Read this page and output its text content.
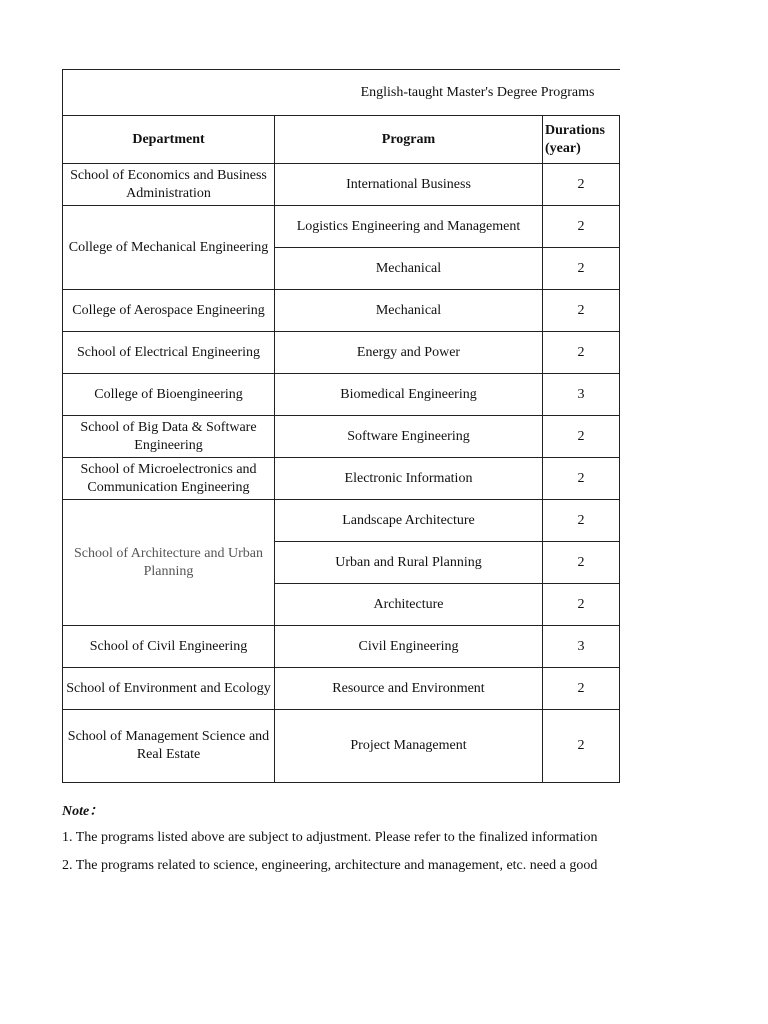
English-taught Master's Degree Programs			
Department	Program	Durations (year)	
School of Economics and Business Administration	International Business	2	
College of Mechanical Engineering	Logistics Engineering and Management	2	
	Mechanical	2	
College of Aerospace Engineering	Mechanical	2	
School of Electrical Engineering	Energy and Power	2	
College of Bioengineering	Biomedical Engineering	3	
School of Big Data & Software Engineering	Software Engineering	2	
School of Microelectronics and Communication Engineering	Electronic Information	2	
School of Architecture and Urban Planning	Landscape Architecture	2	
	Urban and Rural Planning	2	
	Architecture	2	
School of Civil Engineering	Civil Engineering	3	
School of Environment and Ecology	Resource and Environment	2	
School of Management Science and Real Estate	Project Management	2	
Note：
1. The programs listed above are subject to adjustment. Please refer to the finalized information
2. The programs related to science, engineering, architecture and management, etc. need a good
